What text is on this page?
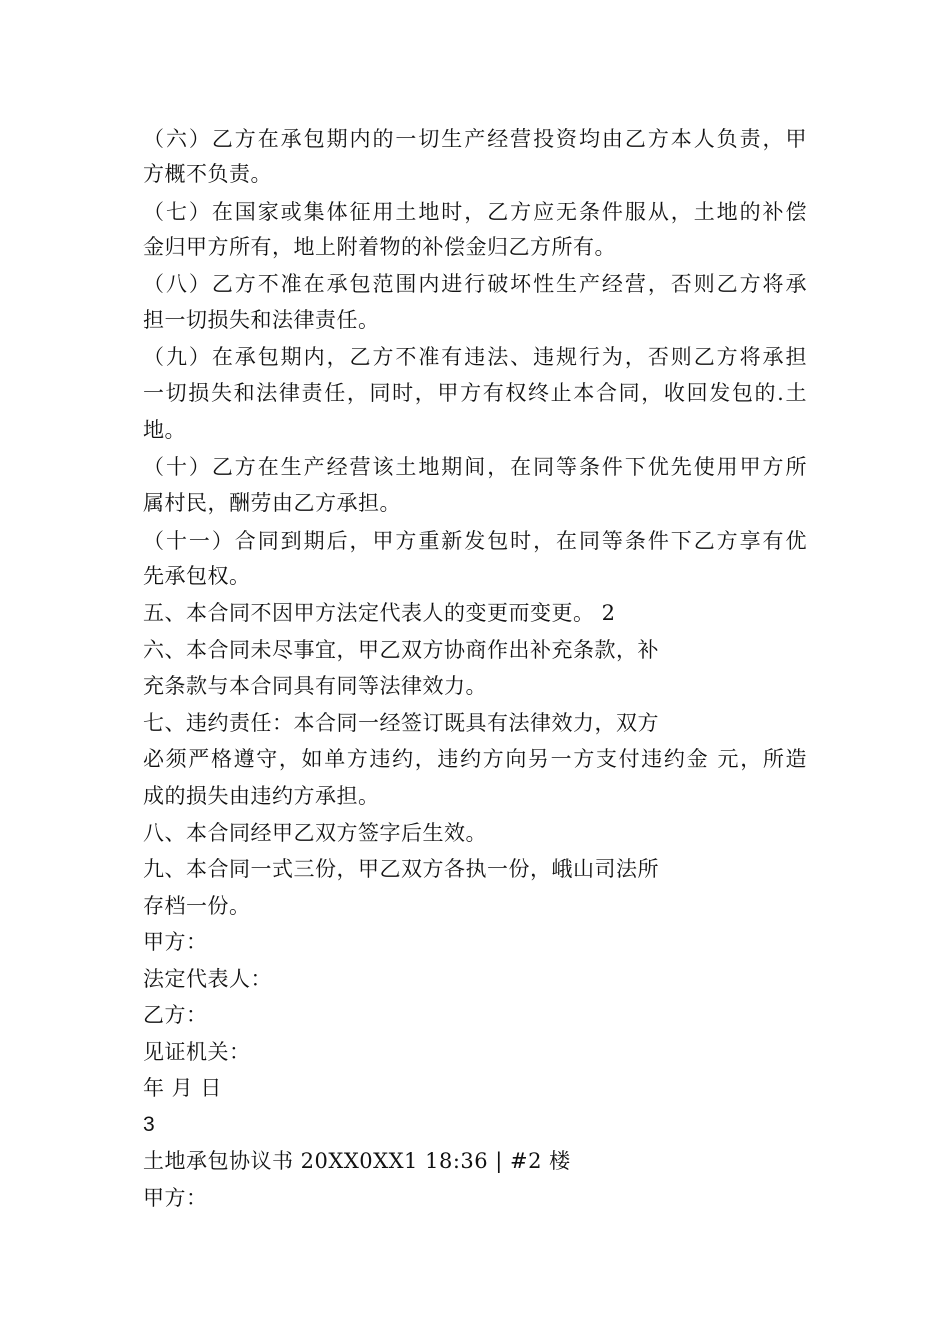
（六）乙方在承包期内的一切生产经营投资均由乙方本人负责，甲
方概不负责。
（七）在国家或集体征用土地时，乙方应无条件服从，土地的补偿
金归甲方所有，地上附着物的补偿金归乙方所有。
（八）乙方不准在承包范围内进行破坏性生产经营，否则乙方将承
担一切损失和法律责任。
（九）在承包期内，乙方不准有违法、违规行为，否则乙方将承担
一切损失和法律责任，同时，甲方有权终止本合同，收回发包的.土
地。
（十）乙方在生产经营该土地期间，在同等条件下优先使用甲方所
属村民，酬劳由乙方承担。
（十一）合同到期后，甲方重新发包时，在同等条件下乙方享有优
先承包权。
五、本合同不因甲方法定代表人的变更而变更。 2
六、本合同未尽事宜，甲乙双方协商作出补充条款，补
充条款与本合同具有同等法律效力。
七、违约责任：本合同一经签订既具有法律效力，双方
必须严格遵守，如单方违约，违约方向另一方支付违约金 元，所造
成的损失由违约方承担。
八、本合同经甲乙双方签字后生效。
九、本合同一式三份，甲乙双方各执一份，峨山司法所
存档一份。
甲方：
法定代表人：
乙方：
见证机关：
年 月 日
3
土地承包协议书 20XX0XX1 18:36 | #2 楼
甲方：
